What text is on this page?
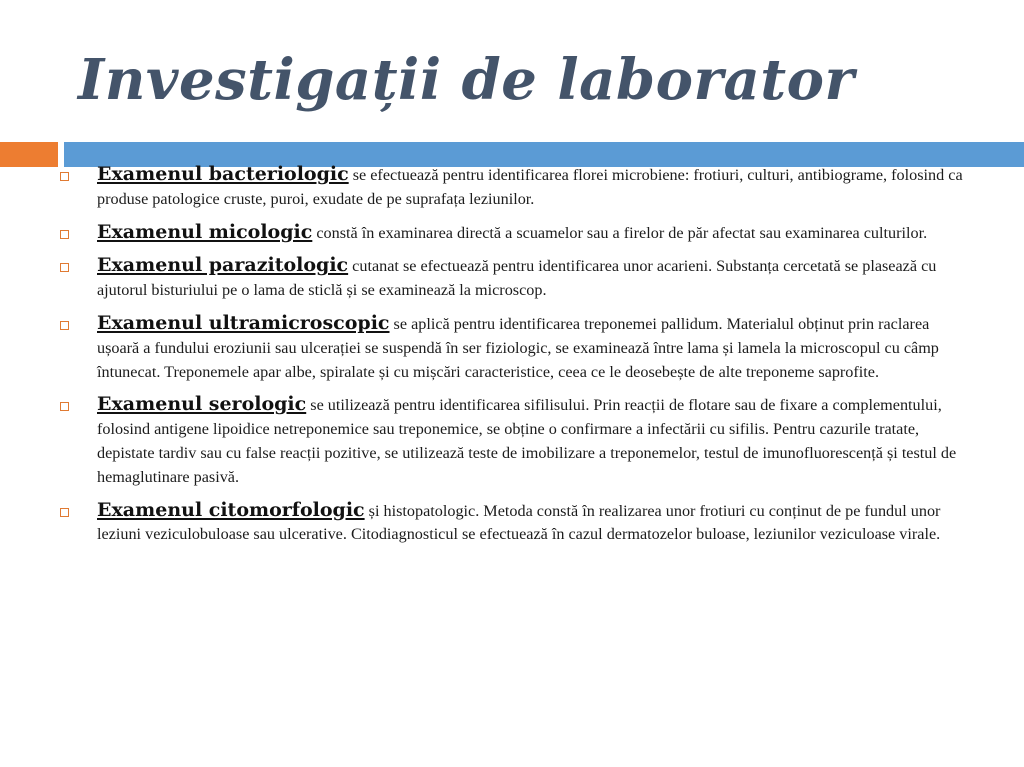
Investigații de laborator
Examenul bacteriologic se efectuează pentru identificarea florei microbiene: frotiuri, culturi, antibiograme, folosind ca produse patologice cruste, puroi, exudate de pe suprafața leziunilor.
Examenul micologic constă în examinarea directă a scuamelor sau a firelor de păr afectat sau examinarea culturilor.
Examenul parazitologic cutanat se efectuează pentru identificarea unor acarieni. Substanța cercetată se plasează cu ajutorul bisturiului pe o lama de sticlă și se examinează la microscop.
Examenul ultramicroscopic se aplică pentru identificarea treponemei pallidum. Materialul obținut prin raclarea ușoară a fundului eroziunii sau ulcerației se suspendă în ser fiziologic, se examinează între lama și lamela la microscopul cu câmp întunecat. Treponemele apar albe, spiralate și cu mișcări caracteristice, ceea ce le deosebește de alte treponeme saprofite.
Examenul serologic se utilizează pentru identificarea sifilisului. Prin reacții de flotare sau de fixare a complementului, folosind antigene lipoidice netreponemice sau treponemice, se obține o confirmare a infectării cu sifilis. Pentru cazurile tratate, depistate tardiv sau cu false reacții pozitive, se utilizează teste de imobilizare a treponemelor, testul de imunofluorescență și testul de hemaglutinare pasivă.
Examenul citomorfologic și histopatologic. Metoda constă în realizarea unor frotiuri cu conținut de pe fundul unor leziuni veziculobuloase sau ulcerative. Citodiagnosticul se efectuează în cazul dermatozelor buloase, leziunilor veziculoase virale.
